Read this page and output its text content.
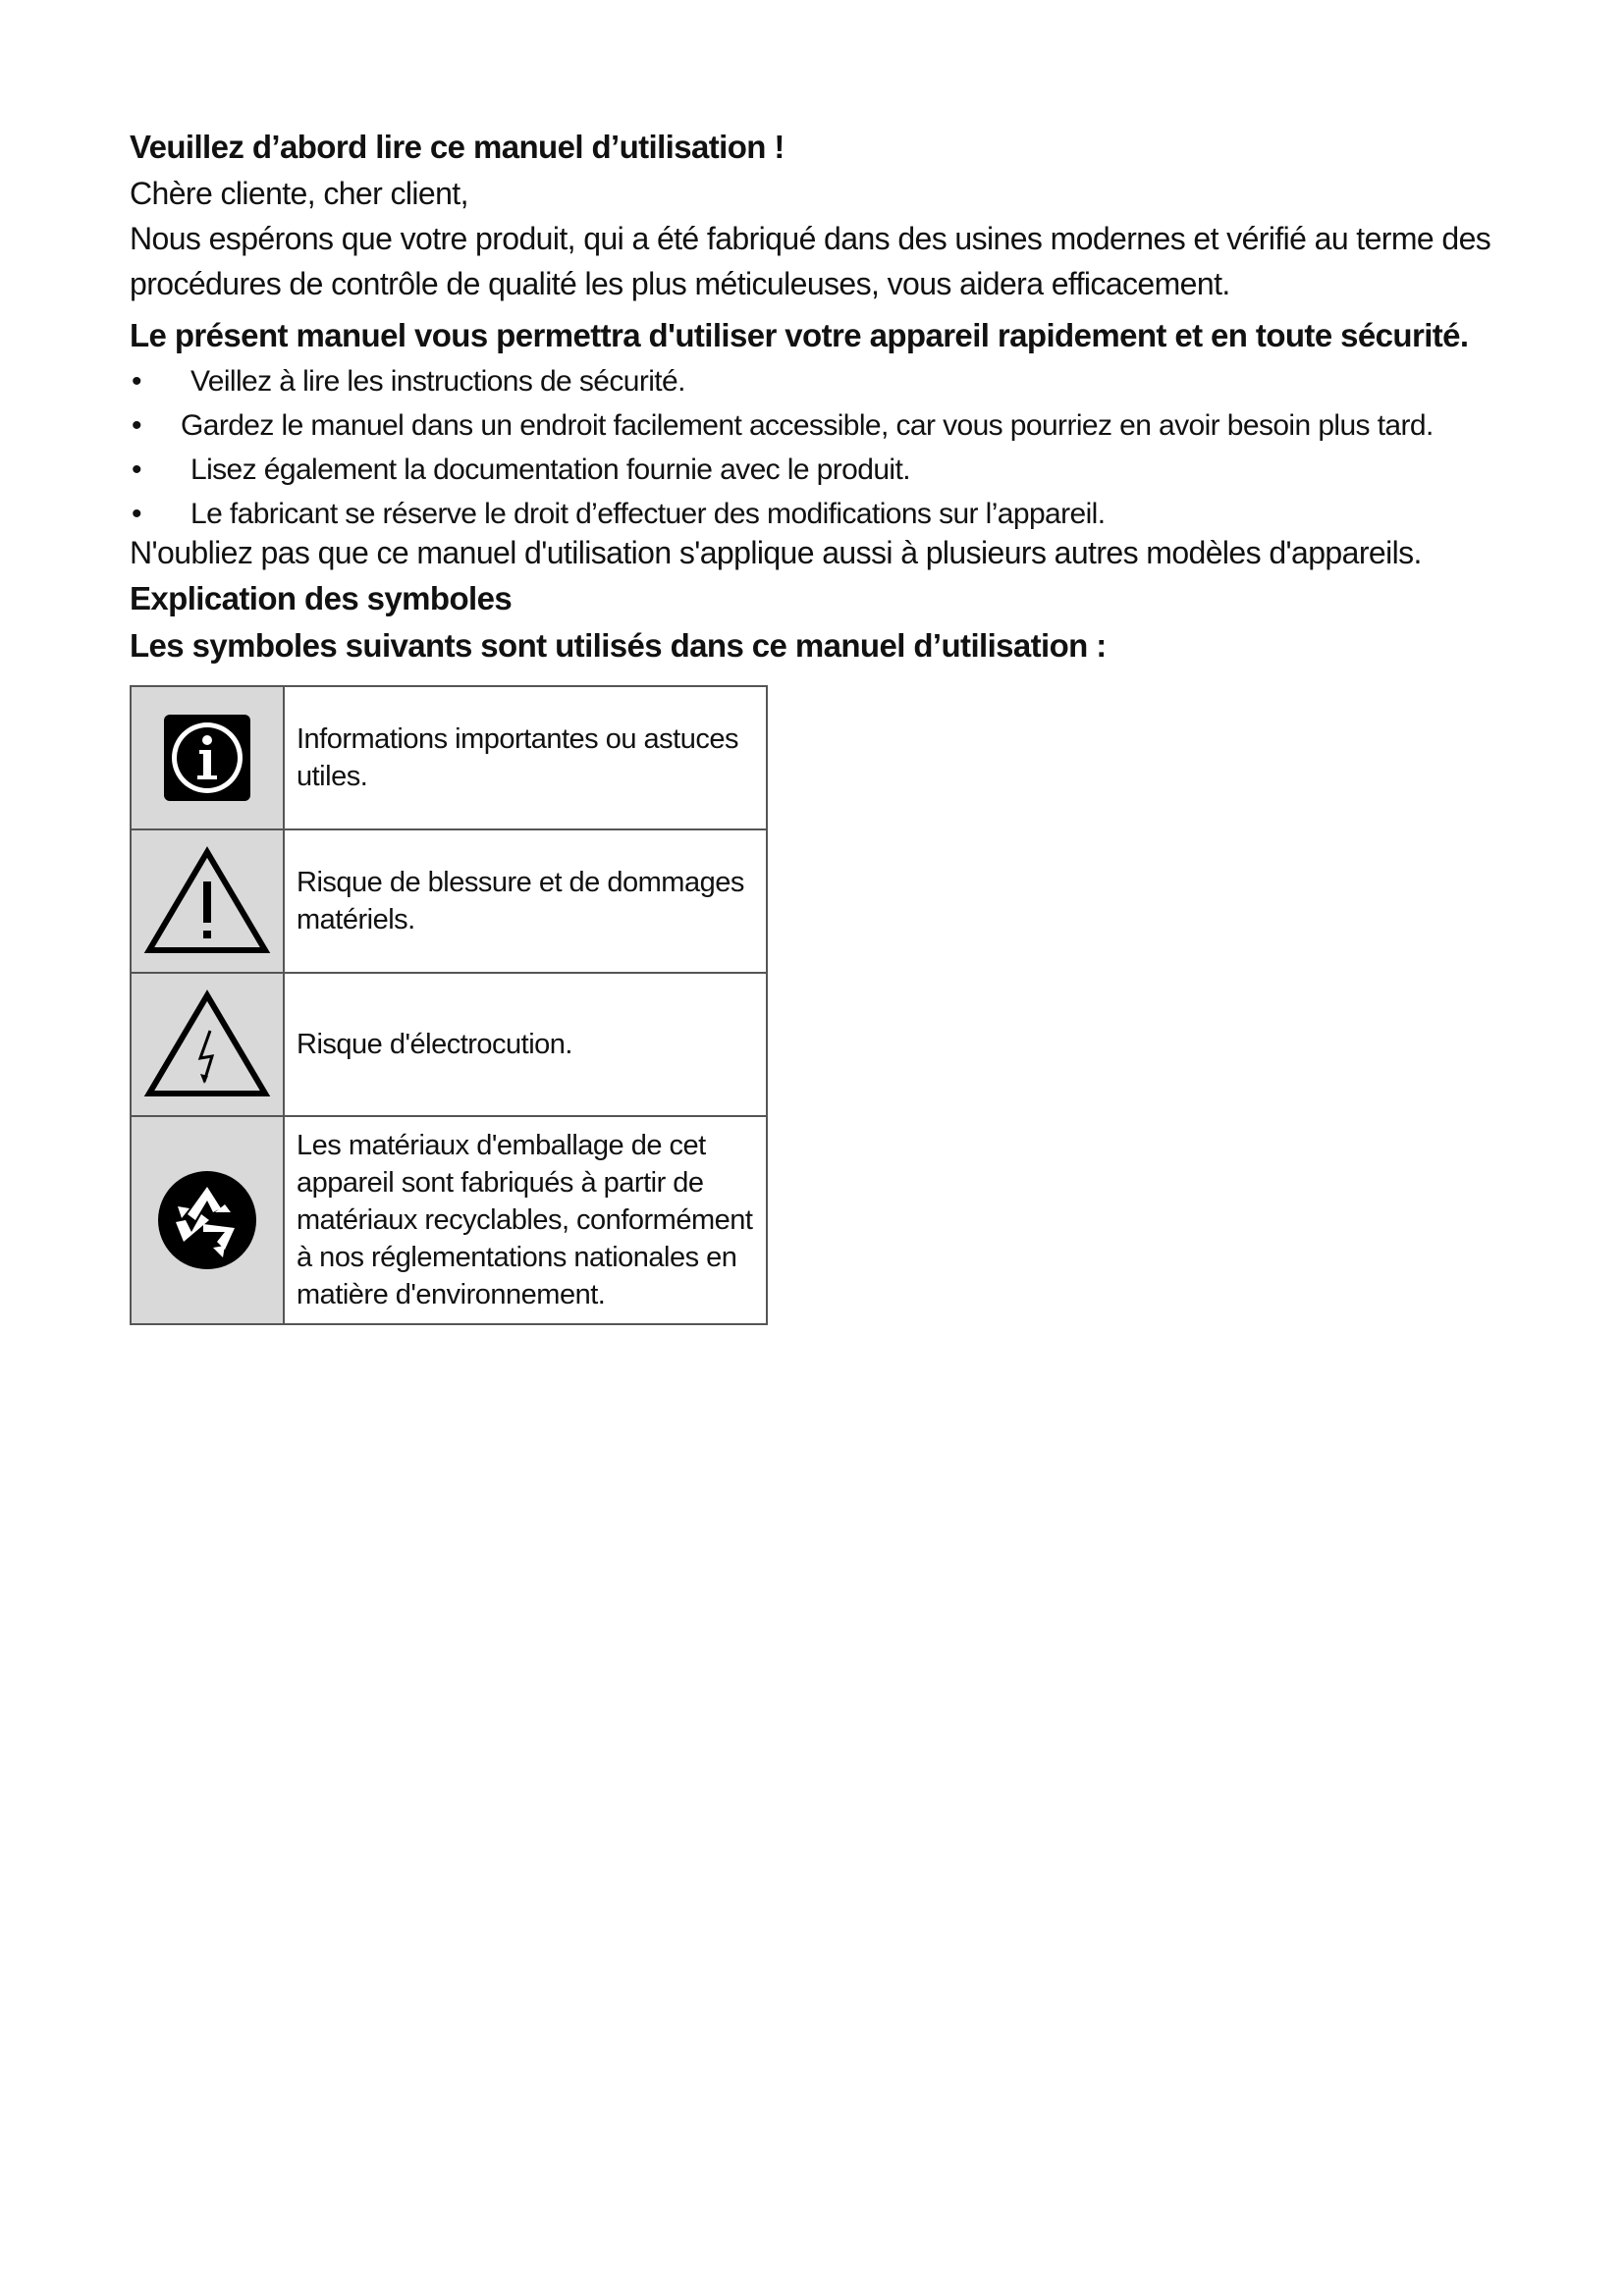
Veuillez d’abord lire ce manuel d’utilisation !

Chère cliente, cher client,

Nous espérons que votre produit, qui a été fabriqué dans des usines modernes et vérifié au terme des procédures de contrôle de qualité les plus méticuleuses, vous aidera efficacement.

Le présent manuel vous permettra d'utiliser votre appareil rapidement et en toute sécurité.

• Veillez à lire les instructions de sécurité.
• Gardez le manuel dans un endroit facilement accessible, car vous pourriez en avoir besoin plus tard.
• Lisez également la documentation fournie avec le produit.
• Le fabricant se réserve le droit d’effectuer des modifications sur l’appareil.

N'oubliez pas que ce manuel d'utilisation s'applique aussi à plusieurs autres modèles d'appareils.

Explication des symboles

Les symboles suivants sont utilisés dans ce manuel d’utilisation :

	Informations importantes ou astuces utiles.

	Risque de blessure et de dommages matériels.

	Risque d'électrocution.

	Les matériaux d'emballage de cet appareil sont fabriqués à partir de matériaux recyclables, conformément à nos réglementations nationales en matière d'environnement.
